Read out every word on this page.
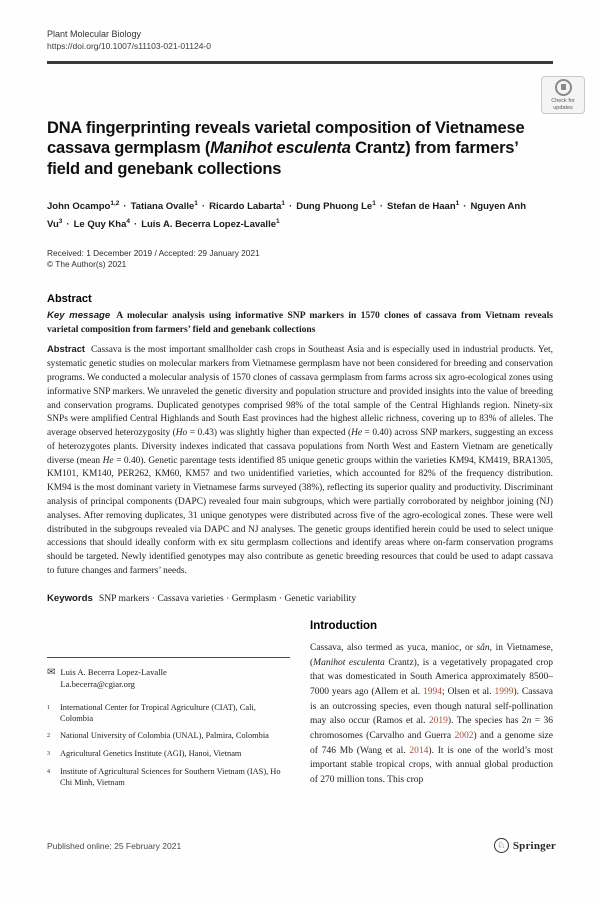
Plant Molecular Biology
https://doi.org/10.1007/s11103-021-01124-0
Check for
updates
DNA fingerprinting reveals varietal composition of Vietnamese cassava germplasm (Manihot esculenta Crantz) from farmers’ field and genebank collections
John Ocampo$^{1,2}$ · Tatiana Ovalle$^1$ · Ricardo Labarta$^1$ · Dung Phuong $Le^1$ · Stefan de Haan$^1$ · Nguyen Anh $Vu^3 \cdot Le$ Quy Kha$^4$ · Luis A. Becerra Lopez-Lavalle$^1$
Received: 1 December 2019 / Accepted: 29 January 2021
© The Author(s) 2021
Abstract

Key message A molecular analysis using informative SNP markers in 1570 clones of cassava from Vietnam reveals varietal composition from farmers’ field and genebank collections

Abstract Cassava is the most important smallholder cash crops in Southeast Asia and is especially used in industrial products. Yet, systematic genetic studies on molecular markers from Vietnamese germplasm have not been considered for breeding and conservation programs. We conducted a molecular analysis of 1570 clones of cassava germplasm from farms across six agro-ecological zones using informative SNP markers. We unraveled the genetic diversity and population structure and provided insights into the value of breeding and conservation programs. Duplicated genotypes comprised 98% of the total sample of the Central Highlands region. Ninety-six SNPs were amplified Central Highlands and South East provinces had the highest allelic richness, covering up to 83% of alleles. The average observed heterozygosity (Ho = 0.43) was slightly higher than expected (He = 0.40) across SNP markers, suggesting an excess of heterozygotes plants. Diversity indexes indicated that cassava populations from North West and Eastern Vietnam are genetically diverse (mean He = 0.40). Genetic parentage tests identified 85 unique genetic groups within the varieties KM94, KM419, BRA1305, KM101, KM140, PER262, KM60, KM57 and two unidentified varieties, which accounted for 82% of the frequency distribution. KM94 is the most dominant variety in Vietnamese farms surveyed (38%), reflecting its superior quality and productivity. Discriminant analysis of principal components (DAPC) revealed four main subgroups, which were partially corroborated by neighbor joining (NJ) analyses. After removing duplicates, 31 unique genotypes were distributed across five of the agro-ecological zones. These were well distributed in the subgroups revealed via DAPC and NJ analyses. The genetic groups identified herein could be used to select unique accessions that should ideally conform with ex situ germplasm collections and identify areas where on-farm conservation programs should be targeted. Newly identified genotypes may also contribute as genetic breeding resources that could be used to adapt cassava to future changes and farmers’ needs.

Keywords SNP markers · Cassava varieties · Germplasm · Genetic variability

✉ Luis A. Becerra Lopez-Lavalle
La.becerra@cgiar.org
1	International Center for Tropical Agriculture (CIAT), Cali, Colombia
2	National University of Colombia (UNAL), Palmira, Colombia
3	Agricultural Genetics Institute (AGI), Hanoi, Vietnam
4	Institute of Agricultural Sciences for Southern Vietnam (IAS), Ho Chi Minh, Vietnam
Introduction

Cassava, also termed as yuca, manioc, or sắn, in Vietnamese, (Manihot esculenta Crantz), is a vegetatively propagated crop that was domesticated in South America approximately 8500–7000 years ago (Allem et al. 1994; Olsen et al. 1999). Cassava is an outcrossing species, even though natural self-pollination may also occur (Ramos et al. 2019). The species has 2n = 36 chromosomes (Carvalho and Guerra 2002) and a genome size of 746 Mb (Wang et al. 2014). It is one of the world’s most important stable tropical crops, with annual global production of 270 million tons. This crop

Published online: 25 February 2021	♘ Springer
